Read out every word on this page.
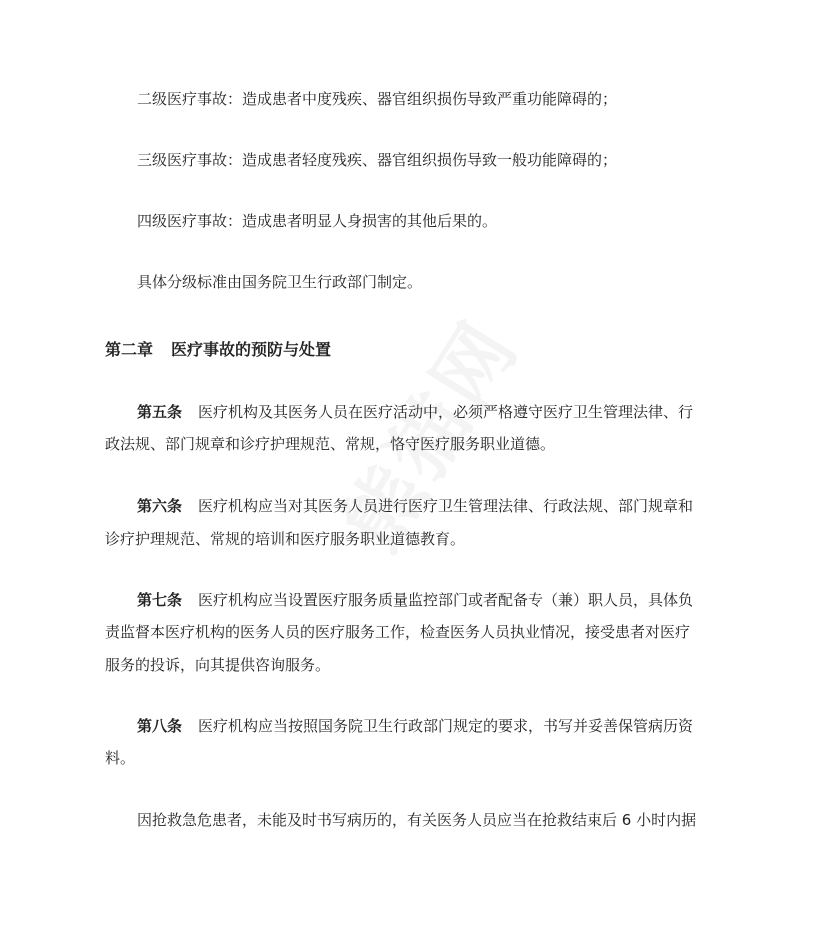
二级医疗事故：造成患者中度残疾、器官组织损伤导致严重功能障碍的；
三级医疗事故：造成患者轻度残疾、器官组织损伤导致一般功能障碍的；
四级医疗事故：造成患者明显人身损害的其他后果的。
具体分级标准由国务院卫生行政部门制定。
第二章 医疗事故的预防与处置
第五条 医疗机构及其医务人员在医疗活动中，必须严格遵守医疗卫生管理法律、行
政法规、部门规章和诊疗护理规范、常规，恪守医疗服务职业道德。
第六条 医疗机构应当对其医务人员进行医疗卫生管理法律、行政法规、部门规章和
诊疗护理规范、常规的培训和医疗服务职业道德教育。
第七条 医疗机构应当设置医疗服务质量监控部门或者配备专（兼）职人员，具体负
责监督本医疗机构的医务人员的医疗服务工作，检查医务人员执业情况，接受患者对医疗
服务的投诉，向其提供咨询服务。
第八条 医疗机构应当按照国务院卫生行政部门规定的要求，书写并妥善保管病历资
料。
因抢救急危患者，未能及时书写病历的，有关医务人员应当在抢救结束后 6 小时内据
